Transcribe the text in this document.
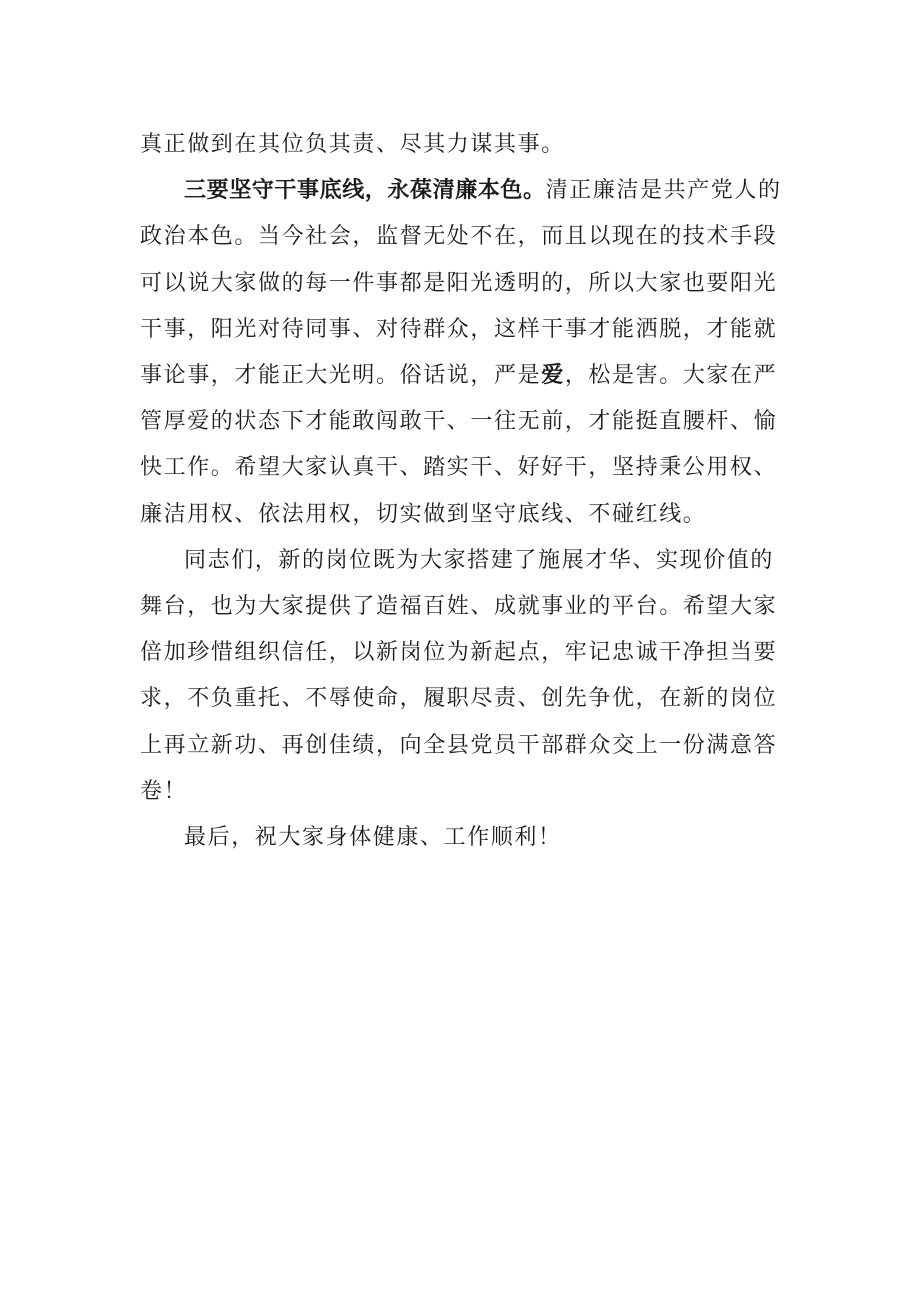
真正做到在其位负其责、尽其力谋其事。

三要坚守干事底线，永葆清廉本色。清正廉洁是共产党人的政治本色。当今社会，监督无处不在，而且以现在的技术手段可以说大家做的每一件事都是阳光透明的，所以大家也要阳光干事，阳光对待同事、对待群众，这样干事才能洒脱，才能就事论事，才能正大光明。俗话说，严是爱，松是害。大家在严管厚爱的状态下才能敢闯敢干、一往无前，才能挺直腰杆、愉快工作。希望大家认真干、踏实干、好好干，坚持秉公用权、廉洁用权、依法用权，切实做到坚守底线、不碰红线。

同志们，新的岗位既为大家搭建了施展才华、实现价值的舞台，也为大家提供了造福百姓、成就事业的平台。希望大家倍加珍惜组织信任，以新岗位为新起点，牢记忠诚干净担当要求，不负重托、不辱使命，履职尽责、创先争优，在新的岗位上再立新功、再创佳绩，向全县党员干部群众交上一份满意答卷！

最后，祝大家身体健康、工作顺利！
